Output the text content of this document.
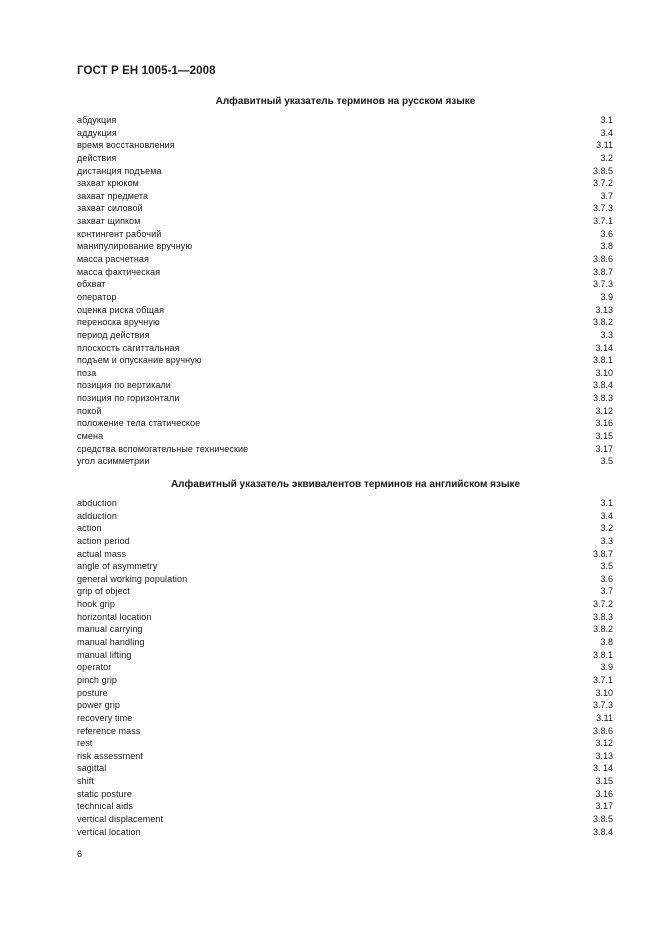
ГОСТ Р ЕН 1005-1—2008
Алфавитный указатель терминов на русском языке
абдукция	3.1
аддукция	3.4
время восстановления	3.11
действия	3.2
дистанция подъема	3.8.5
захват крюком	3.7.2
захват предмета	3.7
захват силовой	3.7.3
захват щипком	3.7.1
контингент рабочий	3.6
манипулирование вручную	3.8
масса расчетная	3.8.6
масса фактическая	3.8.7
обхват	3.7.3
оператор	3.9
оценка риска общая	3.13
переноска вручную	3.8.2
период действия	3.3
плоскость сагиттальная	3.14
подъем и опускание вручную	3.8.1
поза	3.10
позиция по вертикали	3.8.4
позиция по горизонтали	3.8.3
покой	3.12
положение тела статическое	3.16
смена	3.15
средства вспомогательные технические	3.17
угол асимметрии	3.5
Алфавитный указатель эквивалентов терминов на английском языке
abduction	3.1
adduction	3.4
action	3.2
action period	3.3
actual mass	3.8.7
angle of asymmetry	3.5
general working population	3.6
grip of object	3.7
hook grip	3.7.2
horizontal location	3.8.3
manual carrying	3.8.2
manual handling	3.8
manual lifting	3.8.1
operator	3.9
pinch grip	3.7.1
posture	3.10
power grip	3.7.3
recovery time	3.11
reference mass	3.8.6
rest	3.12
risk assessment	3.13
sagittal	3. 14
shift	3.15
static posture	3.16
technical aids	3.17
vertical displacement	3.8.5
vertical location	3.8.4
6
